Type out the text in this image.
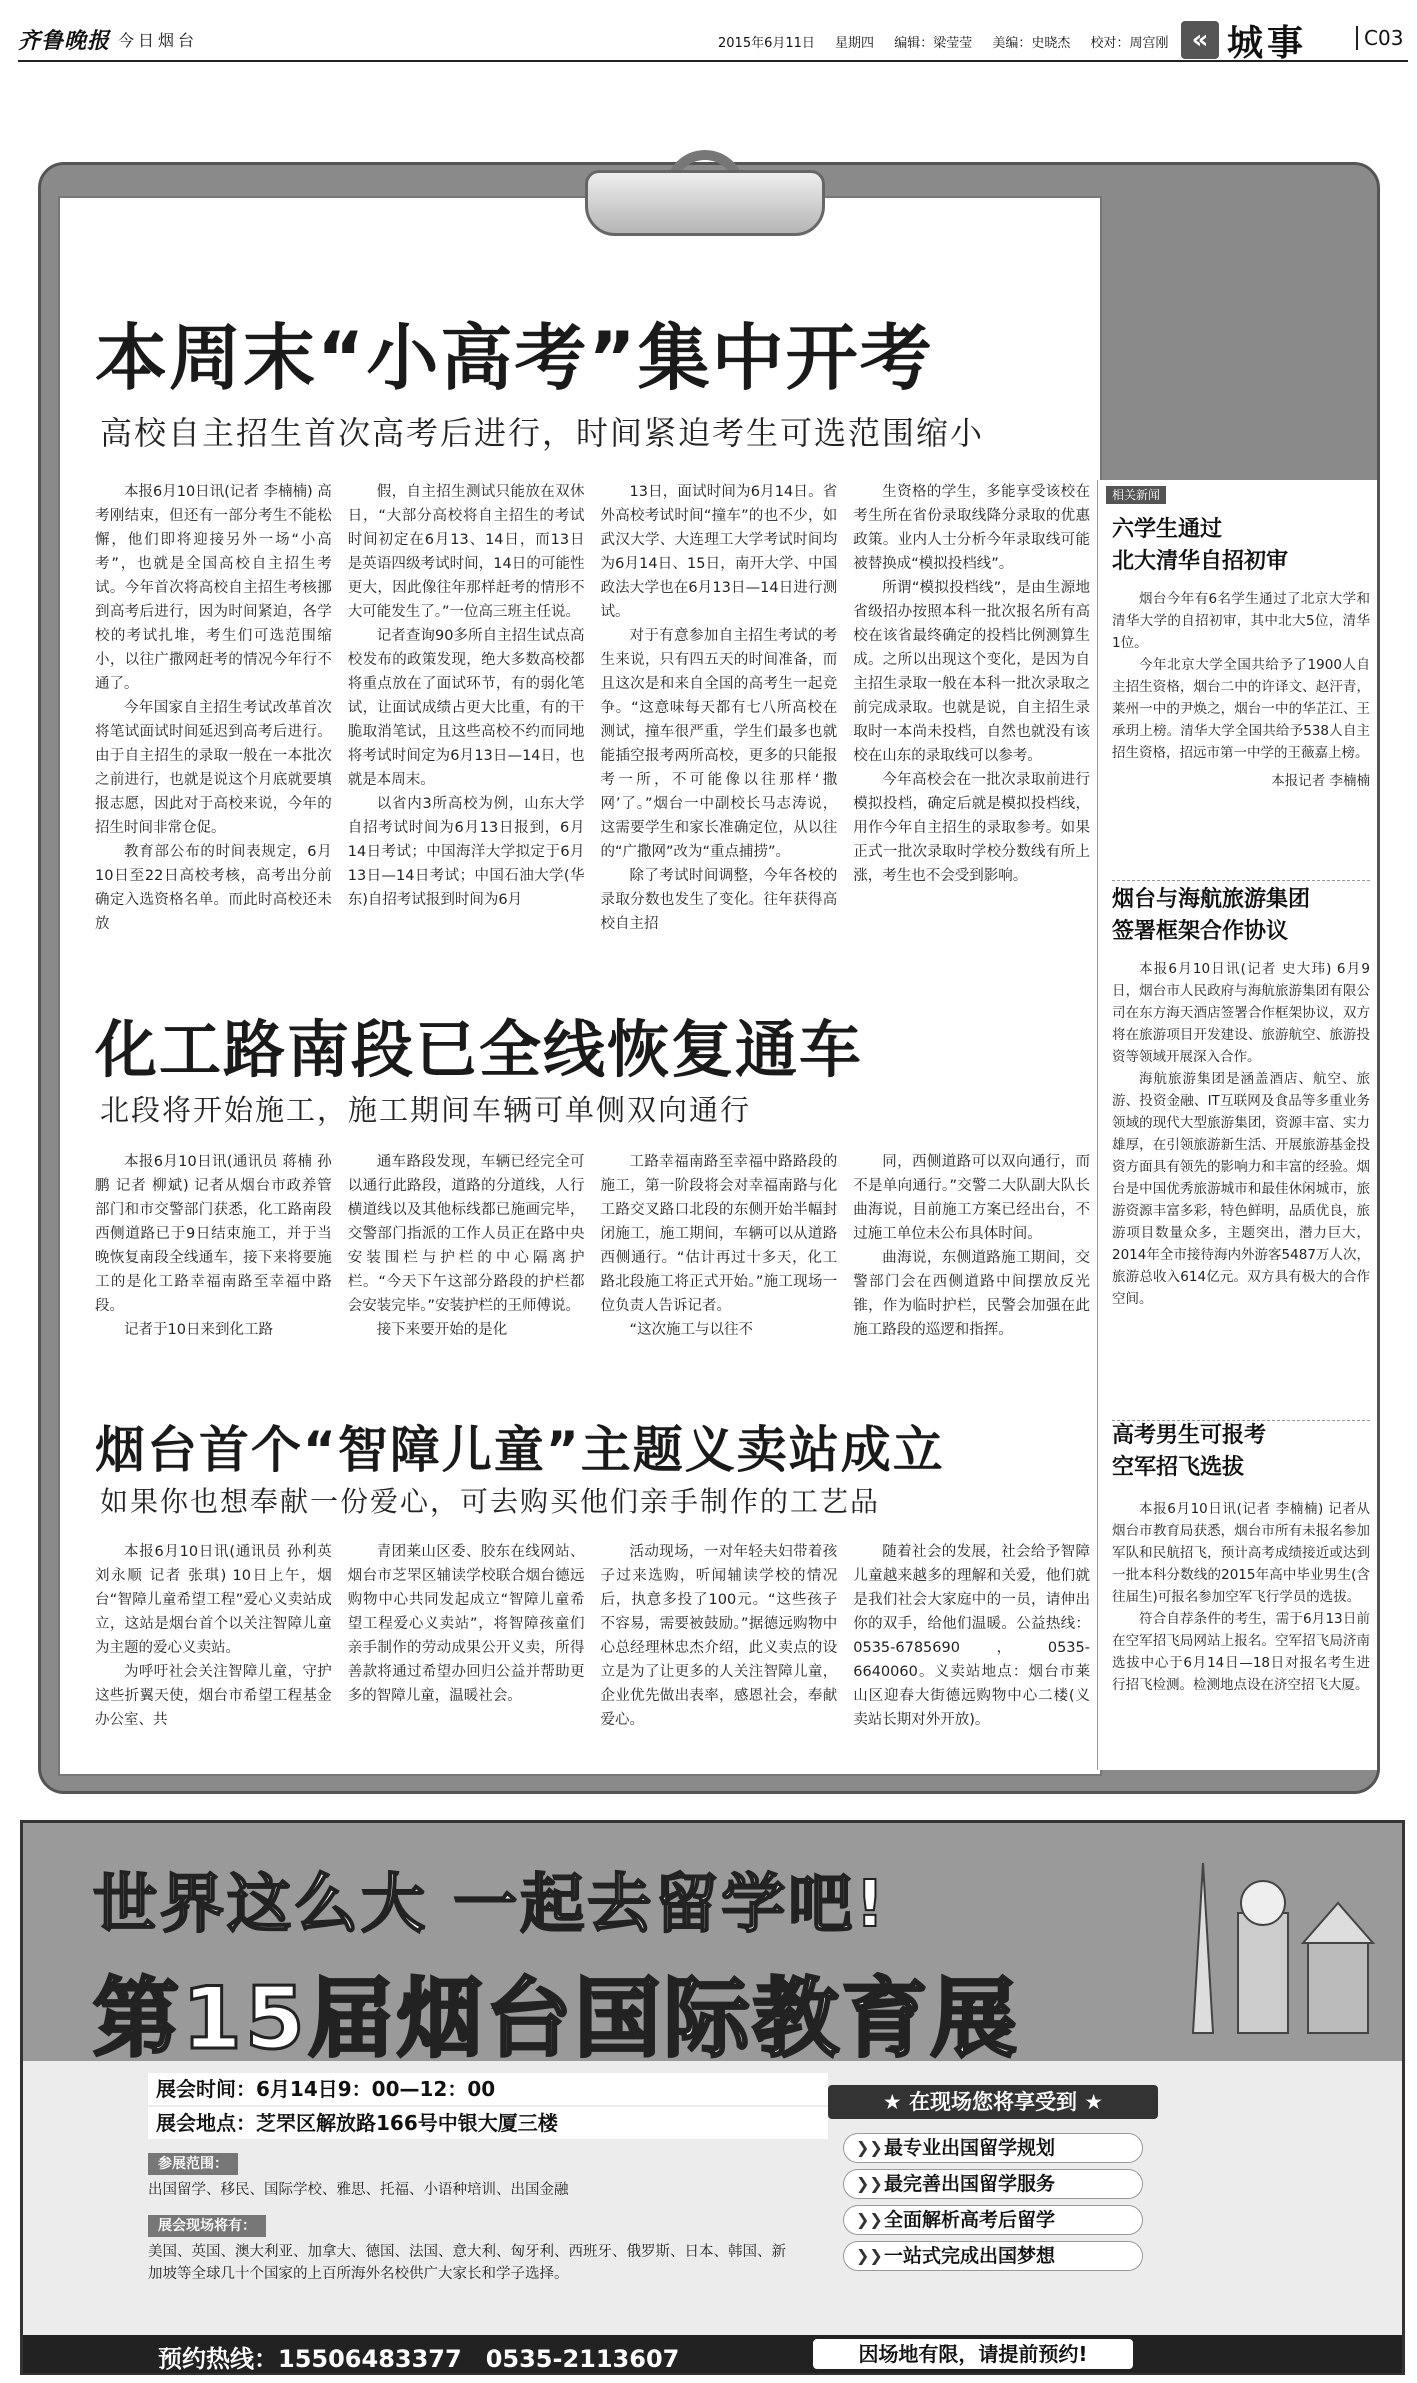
齐鲁晚报 今日烟台	2015年6月11日 星期四 编辑：梁莹莹 美编：史晓杰 校对：周宫刚 « 城事	C03
本周末“小高考”集中开考
高校自主招生首次高考后进行，时间紧迫考生可选范围缩小

本报6月10日讯(记者 李楠楠) 高考刚结束，但还有一部分考生不能松懈，他们即将迎接另外一场“小高考”，也就是全国高校自主招生考试。今年首次将高校自主招生考核挪到高考后进行，因为时间紧迫，各学校的考试扎堆，考生们可选范围缩小，以往广撒网赶考的情况今年行不通了。

今年国家自主招生考试改革首次将笔试面试时间延迟到高考后进行。由于自主招生的录取一般在一本批次之前进行，也就是说这个月底就要填报志愿，因此对于高校来说，今年的招生时间非常仓促。

教育部公布的时间表规定，6月10日至22日高校考核，高考出分前确定入选资格名单。而此时高校还未放

假，自主招生测试只能放在双休日，“大部分高校将自主招生的考试时间初定在6月13、14日，而13日是英语四级考试时间，14日的可能性更大，因此像往年那样赶考的情形不大可能发生了。”一位高三班主任说。

记者查询90多所自主招生试点高校发布的政策发现，绝大多数高校都将重点放在了面试环节，有的弱化笔试，让面试成绩占更大比重，有的干脆取消笔试，且这些高校不约而同地将考试时间定为6月13日—14日，也就是本周末。

以省内3所高校为例，山东大学自招考试时间为6月13日报到，6月14日考试；中国海洋大学拟定于6月13日—14日考试；中国石油大学(华东)自招考试报到时间为6月

13日，面试时间为6月14日。省外高校考试时间“撞车”的也不少，如武汉大学、大连理工大学考试时间均为6月14日、15日，南开大学、中国政法大学也在6月13日—14日进行测试。

对于有意参加自主招生考试的考生来说，只有四五天的时间准备，而且这次是和来自全国的高考生一起竞争。“这意味每天都有七八所高校在测试，撞车很严重，学生们最多也就能插空报考两所高校，更多的只能报考一所，不可能像以往那样‘撒网’了。”烟台一中副校长马志涛说，这需要学生和家长准确定位，从以往的“广撒网”改为“重点捕捞”。

除了考试时间调整，今年各校的录取分数也发生了变化。往年获得高校自主招

生资格的学生，多能享受该校在考生所在省份录取线降分录取的优惠政策。业内人士分析今年录取线可能被替换成“模拟投档线”。

所谓“模拟投档线”，是由生源地省级招办按照本科一批次报名所有高校在该省最终确定的投档比例测算生成。之所以出现这个变化，是因为自主招生录取一般在本科一批次录取之前完成录取。也就是说，自主招生录取时一本尚未投档，自然也就没有该校在山东的录取线可以参考。

今年高校会在一批次录取前进行模拟投档，确定后就是模拟投档线，用作今年自主招生的录取参考。如果正式一批次录取时学校分数线有所上涨，考生也不会受到影响。

化工路南段已全线恢复通车
北段将开始施工，施工期间车辆可单侧双向通行

本报6月10日讯(通讯员 蒋楠 孙鹏 记者 柳斌) 记者从烟台市政养管部门和市交警部门获悉，化工路南段西侧道路已于9日结束施工，并于当晚恢复南段全线通车，接下来将要施工的是化工路幸福南路至幸福中路段。

记者于10日来到化工路

通车路段发现，车辆已经完全可以通行此路段，道路的分道线，人行横道线以及其他标线都已施画完毕，交警部门指派的工作人员正在路中央安装围栏与护栏的中心隔离护栏。“今天下午这部分路段的护栏都会安装完毕。”安装护栏的王师傅说。

接下来要开始的是化

工路幸福南路至幸福中路路段的施工，第一阶段将会对幸福南路与化工路交叉路口北段的东侧开始半幅封闭施工，施工期间，车辆可以从道路西侧通行。“估计再过十多天，化工路北段施工将正式开始。”施工现场一位负责人告诉记者。

“这次施工与以往不

同，西侧道路可以双向通行，而不是单向通行。”交警二大队副大队长曲海说，目前施工方案已经出台，不过施工单位未公布具体时间。

曲海说，东侧道路施工期间，交警部门会在西侧道路中间摆放反光锥，作为临时护栏，民警会加强在此施工路段的巡逻和指挥。

烟台首个“智障儿童”主题义卖站成立
如果你也想奉献一份爱心，可去购买他们亲手制作的工艺品

本报6月10日讯(通讯员 孙利英 刘永顺 记者 张琪) 10日上午，烟台“智障儿童希望工程”爱心义卖站成立，这站是烟台首个以关注智障儿童为主题的爱心义卖站。

为呼吁社会关注智障儿童，守护这些折翼天使，烟台市希望工程基金办公室、共

青团莱山区委、胶东在线网站、烟台市芝罘区辅读学校联合烟台德远购物中心共同发起成立“智障儿童希望工程爱心义卖站”，将智障孩童们亲手制作的劳动成果公开义卖，所得善款将通过希望办回归公益并帮助更多的智障儿童，温暖社会。

活动现场，一对年轻夫妇带着孩子过来选购，听闻辅读学校的情况后，执意多投了100元。“这些孩子不容易，需要被鼓励。”据德远购物中心总经理林忠杰介绍，此义卖点的设立是为了让更多的人关注智障儿童，企业优先做出表率，感恩社会，奉献爱心。

随着社会的发展，社会给予智障儿童越来越多的理解和关爱，他们就是我们社会大家庭中的一员，请伸出你的双手，给他们温暖。公益热线：0535-6785690，0535-6640060。义卖站地点：烟台市莱山区迎春大街德远购物中心二楼(义卖站长期对外开放)。

相关新闻
六学生通过
北大清华自招初审

烟台今年有6名学生通过了北京大学和清华大学的自招初审，其中北大5位，清华1位。

今年北京大学全国共给予了1900人自主招生资格，烟台二中的许译文、赵汗青，莱州一中的尹焕之，烟台一中的华芷江、王承玥上榜。清华大学全国共给予538人自主招生资格，招远市第一中学的王薇嘉上榜。

本报记者 李楠楠

烟台与海航旅游集团
签署框架合作协议

本报6月10日讯(记者 史大玮) 6月9日，烟台市人民政府与海航旅游集团有限公司在东方海天酒店签署合作框架协议，双方将在旅游项目开发建设、旅游航空、旅游投资等领域开展深入合作。

海航旅游集团是涵盖酒店、航空、旅游、投资金融、IT互联网及食品等多重业务领域的现代大型旅游集团，资源丰富、实力雄厚，在引领旅游新生活、开展旅游基金投资方面具有领先的影响力和丰富的经验。烟台是中国优秀旅游城市和最佳休闲城市，旅游资源丰富多彩，特色鲜明，品质优良，旅游项目数量众多，主题突出，潜力巨大，2014年全市接待海内外游客5487万人次，旅游总收入614亿元。双方具有极大的合作空间。

高考男生可报考
空军招飞选拔

本报6月10日讯(记者 李楠楠) 记者从烟台市教育局获悉，烟台市所有未报名参加军队和民航招飞，预计高考成绩接近或达到一批本科分数线的2015年高中毕业男生(含往届生)可报名参加空军飞行学员的选拔。

符合自荐条件的考生，需于6月13日前在空军招飞局网站上报名。空军招飞局济南选拔中心于6月14日—18日对报名考生进行招飞检测。检测地点设在济空招飞大厦。

世界这么大 一起去留学吧!
第15届烟台国际教育展
展会时间：6月14日9：00—12：00
展会地点：芝罘区解放路166号中银大厦三楼
参展范围：
出国留学、移民、国际学校、雅思、托福、小语种培训、出国金融
展会现场将有：
美国、英国、澳大利亚、加拿大、德国、法国、意大利、匈牙利、西班牙、俄罗斯、日本、韩国、新加坡等全球几十个国家的上百所海外名校供广大家长和学子选择。
★ 在现场您将享受到 ★
❯❯ 最专业出国留学规划
❯❯ 最完善出国留学服务
❯❯ 全面解析高考后留学
❯❯ 一站式完成出国梦想
预约热线：15506483377　0535-2113607	因场地有限，请提前预约!
